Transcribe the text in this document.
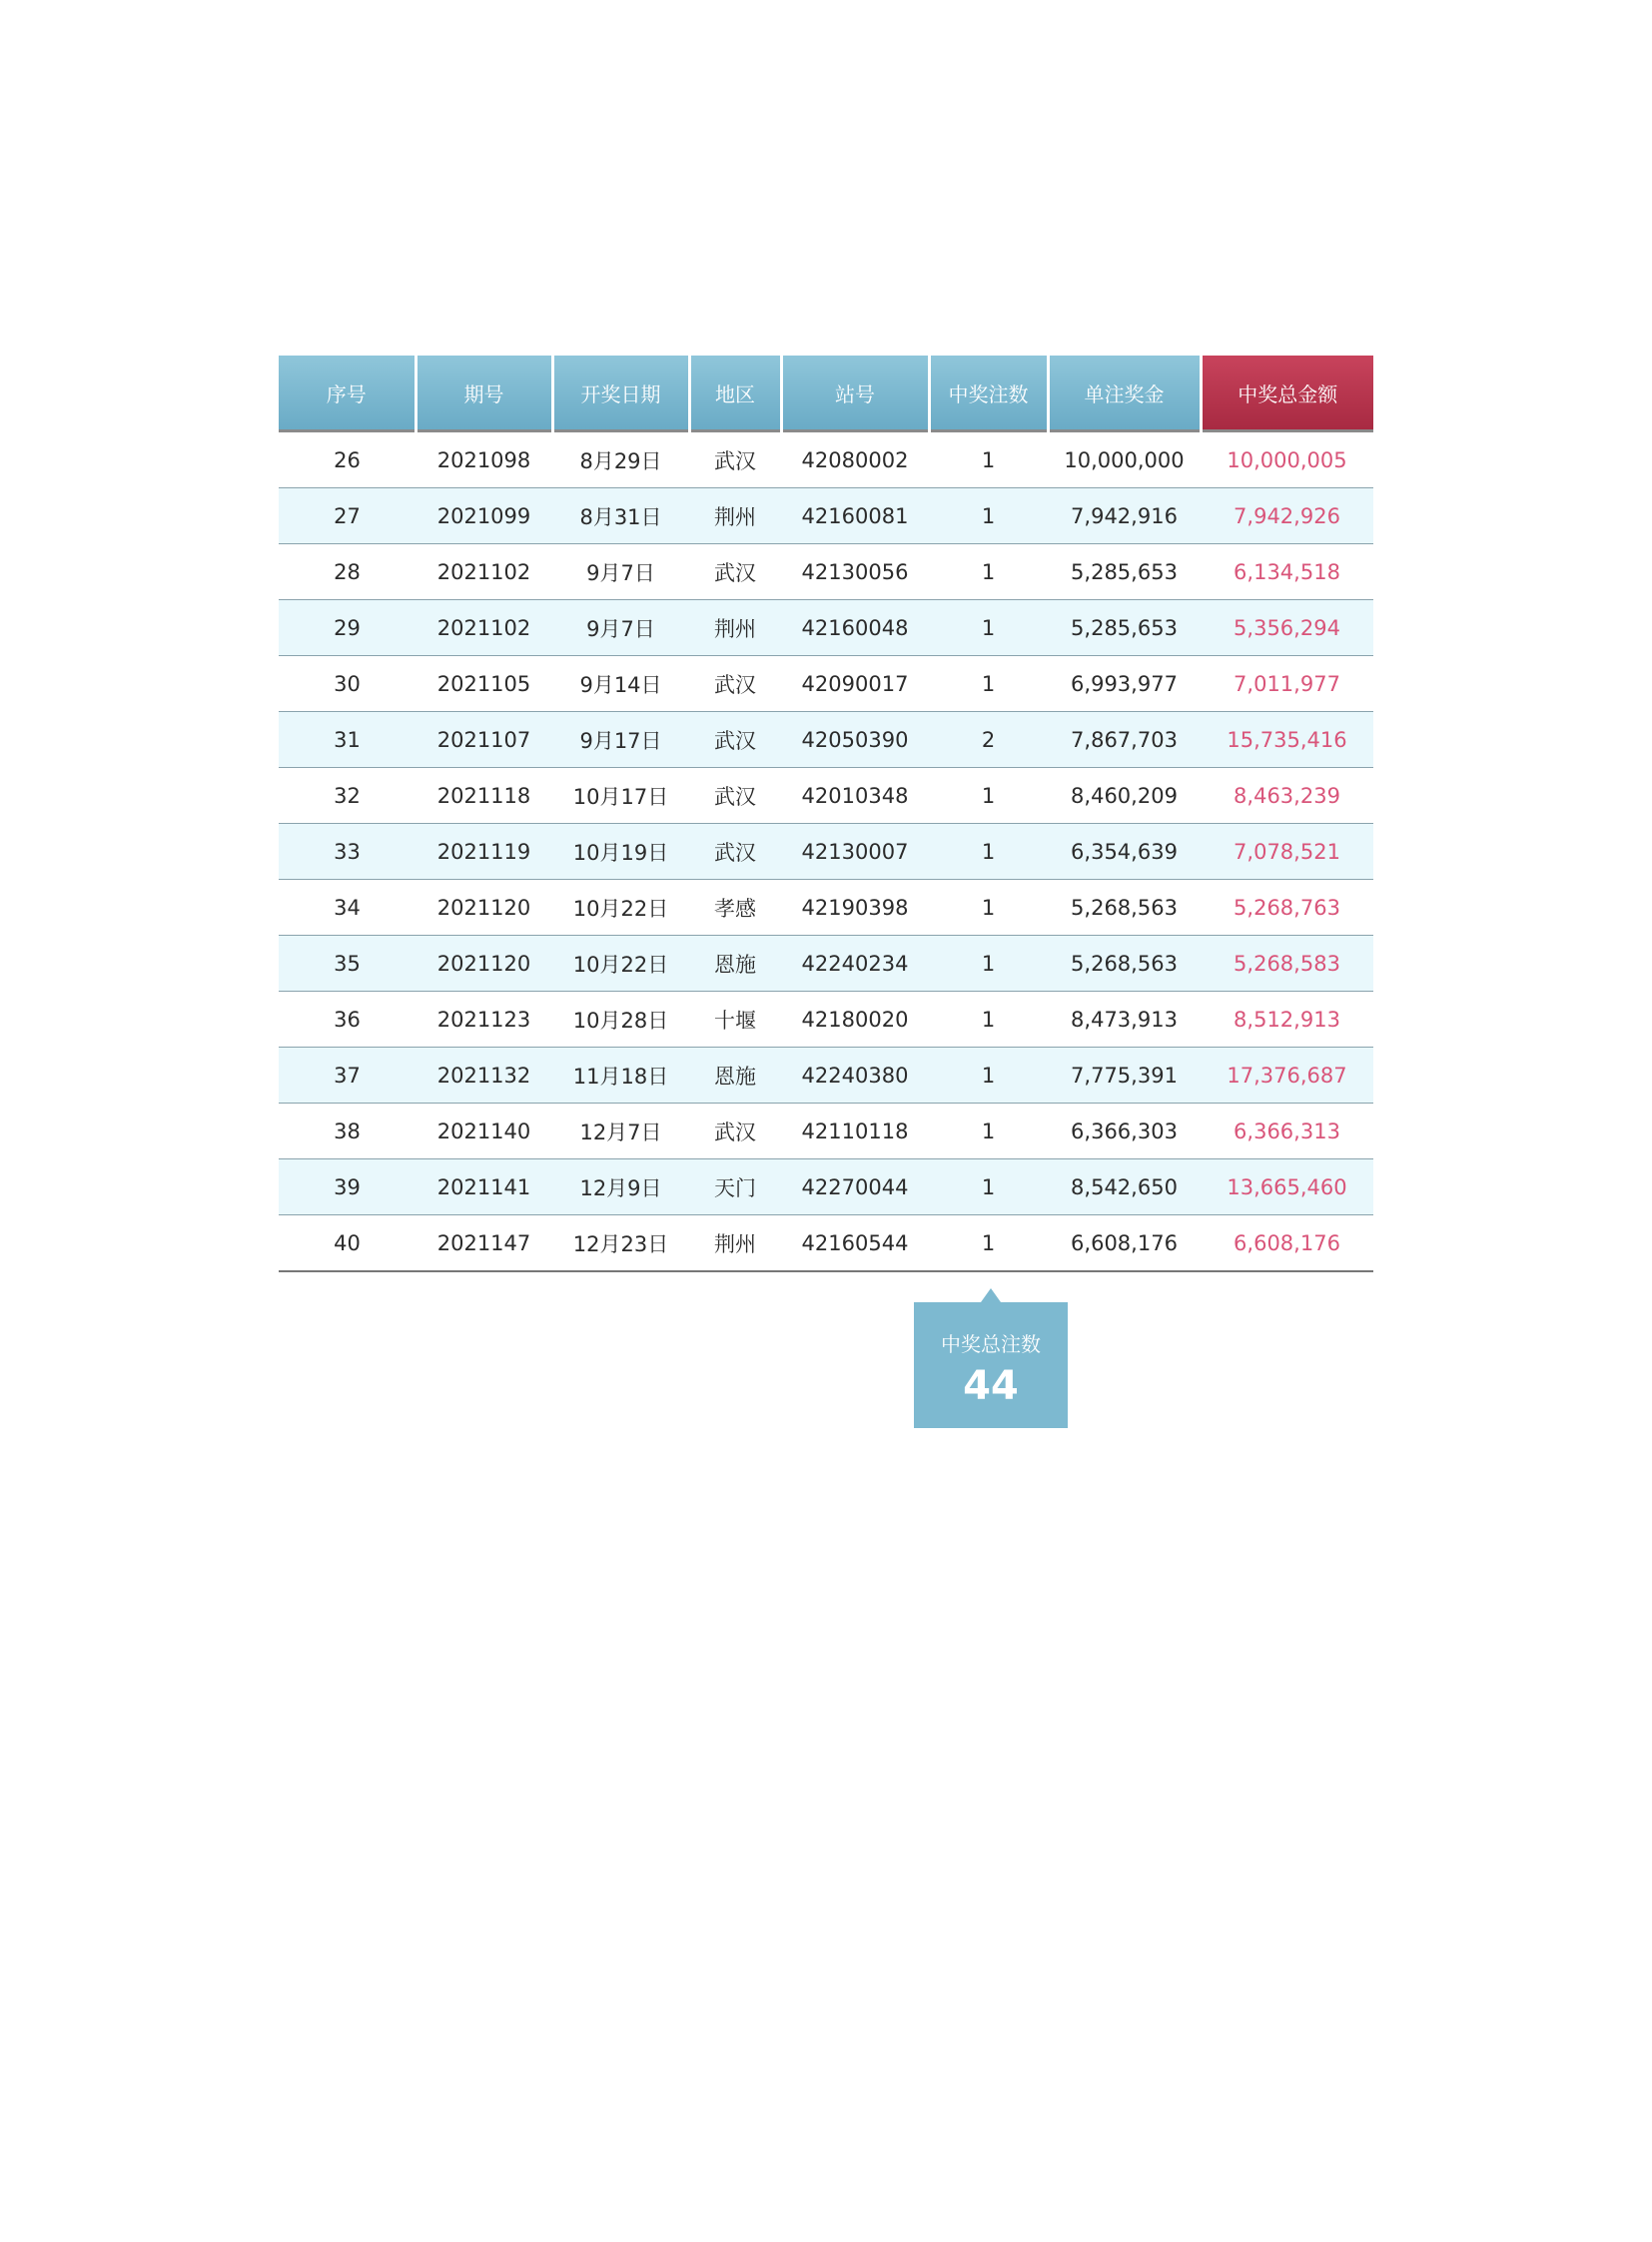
序号	期号	开奖日期	地区	站号	中奖注数	单注奖金	中奖总金额
26	2021098	8月29日	武汉	42080002	1	10,000,000	10,000,005
27	2021099	8月31日	荆州	42160081	1	7,942,916	7,942,926
28	2021102	9月7日	武汉	42130056	1	5,285,653	6,134,518
29	2021102	9月7日	荆州	42160048	1	5,285,653	5,356,294
30	2021105	9月14日	武汉	42090017	1	6,993,977	7,011,977
31	2021107	9月17日	武汉	42050390	2	7,867,703	15,735,416
32	2021118	10月17日	武汉	42010348	1	8,460,209	8,463,239
33	2021119	10月19日	武汉	42130007	1	6,354,639	7,078,521
34	2021120	10月22日	孝感	42190398	1	5,268,563	5,268,763
35	2021120	10月22日	恩施	42240234	1	5,268,563	5,268,583
36	2021123	10月28日	十堰	42180020	1	8,473,913	8,512,913
37	2021132	11月18日	恩施	42240380	1	7,775,391	17,376,687
38	2021140	12月7日	武汉	42110118	1	6,366,303	6,366,313
39	2021141	12月9日	天门	42270044	1	8,542,650	13,665,460
40	2021147	12月23日	荆州	42160544	1	6,608,176	6,608,176
中奖总注数
44
